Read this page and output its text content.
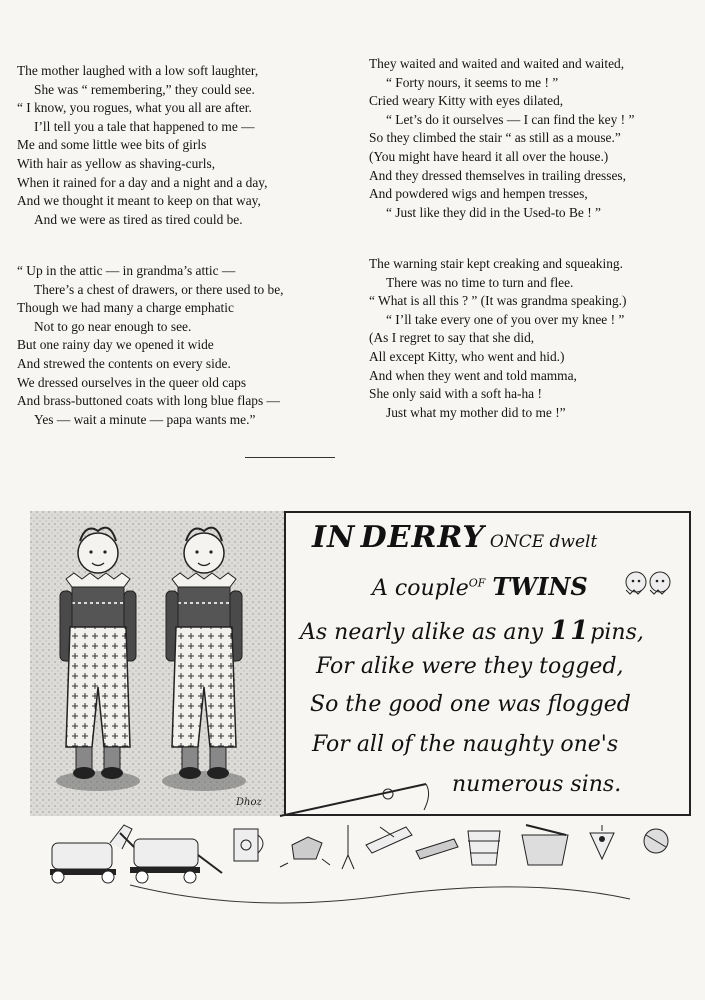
The mother laughed with a low soft laughter,
She was “ remembering,” they could see.
“ I know, you rogues, what you all are after.
I’ll tell you a tale that happened to me —
Me and some little wee bits of girls
With hair as yellow as shaving-curls,
When it rained for a day and a night and a day,
And we thought it meant to keep on that way,
And we were as tired as tired could be.
“ Up in the attic — in grandma’s attic —
There’s a chest of drawers, or there used to be,
Though we had many a charge emphatic
Not to go near enough to see.
But one rainy day we opened it wide
And strewed the contents on every side.
We dressed ourselves in the queer old caps
And brass-buttoned coats with long blue flaps —
Yes — wait a minute — papa wants me.”
They waited and waited and waited and waited,
“ Forty nours, it seems to me ! ”
Cried weary Kitty with eyes dilated,
“ Let’s do it ourselves — I can find the key ! ”
So they climbed the stair “ as still as a mouse.”
(You might have heard it all over the house.)
And they dressed themselves in trailing dresses,
And powdered wigs and hempen tresses,
“ Just like they did in the Used-to Be ! ”
The warning stair kept creaking and squeaking.
There was no time to turn and flee.
“ What is all this ? ” (It was grandma speaking.)
“ I’ll take every one of you over my knee ! ”
(As I regret to say that she did,
All except Kitty, who went and hid.)
And when they went and told mamma,
She only said with a soft ha-ha !
Just what my mother did to me !”
Dhoz
IN DERRY ONCE dwelt
A couple$^{OF}$ TWINS
As nearly alike as any 11pins,
For alike were they togged,
So the good one was flogged
For all of the naughty one's
numerous sins.
